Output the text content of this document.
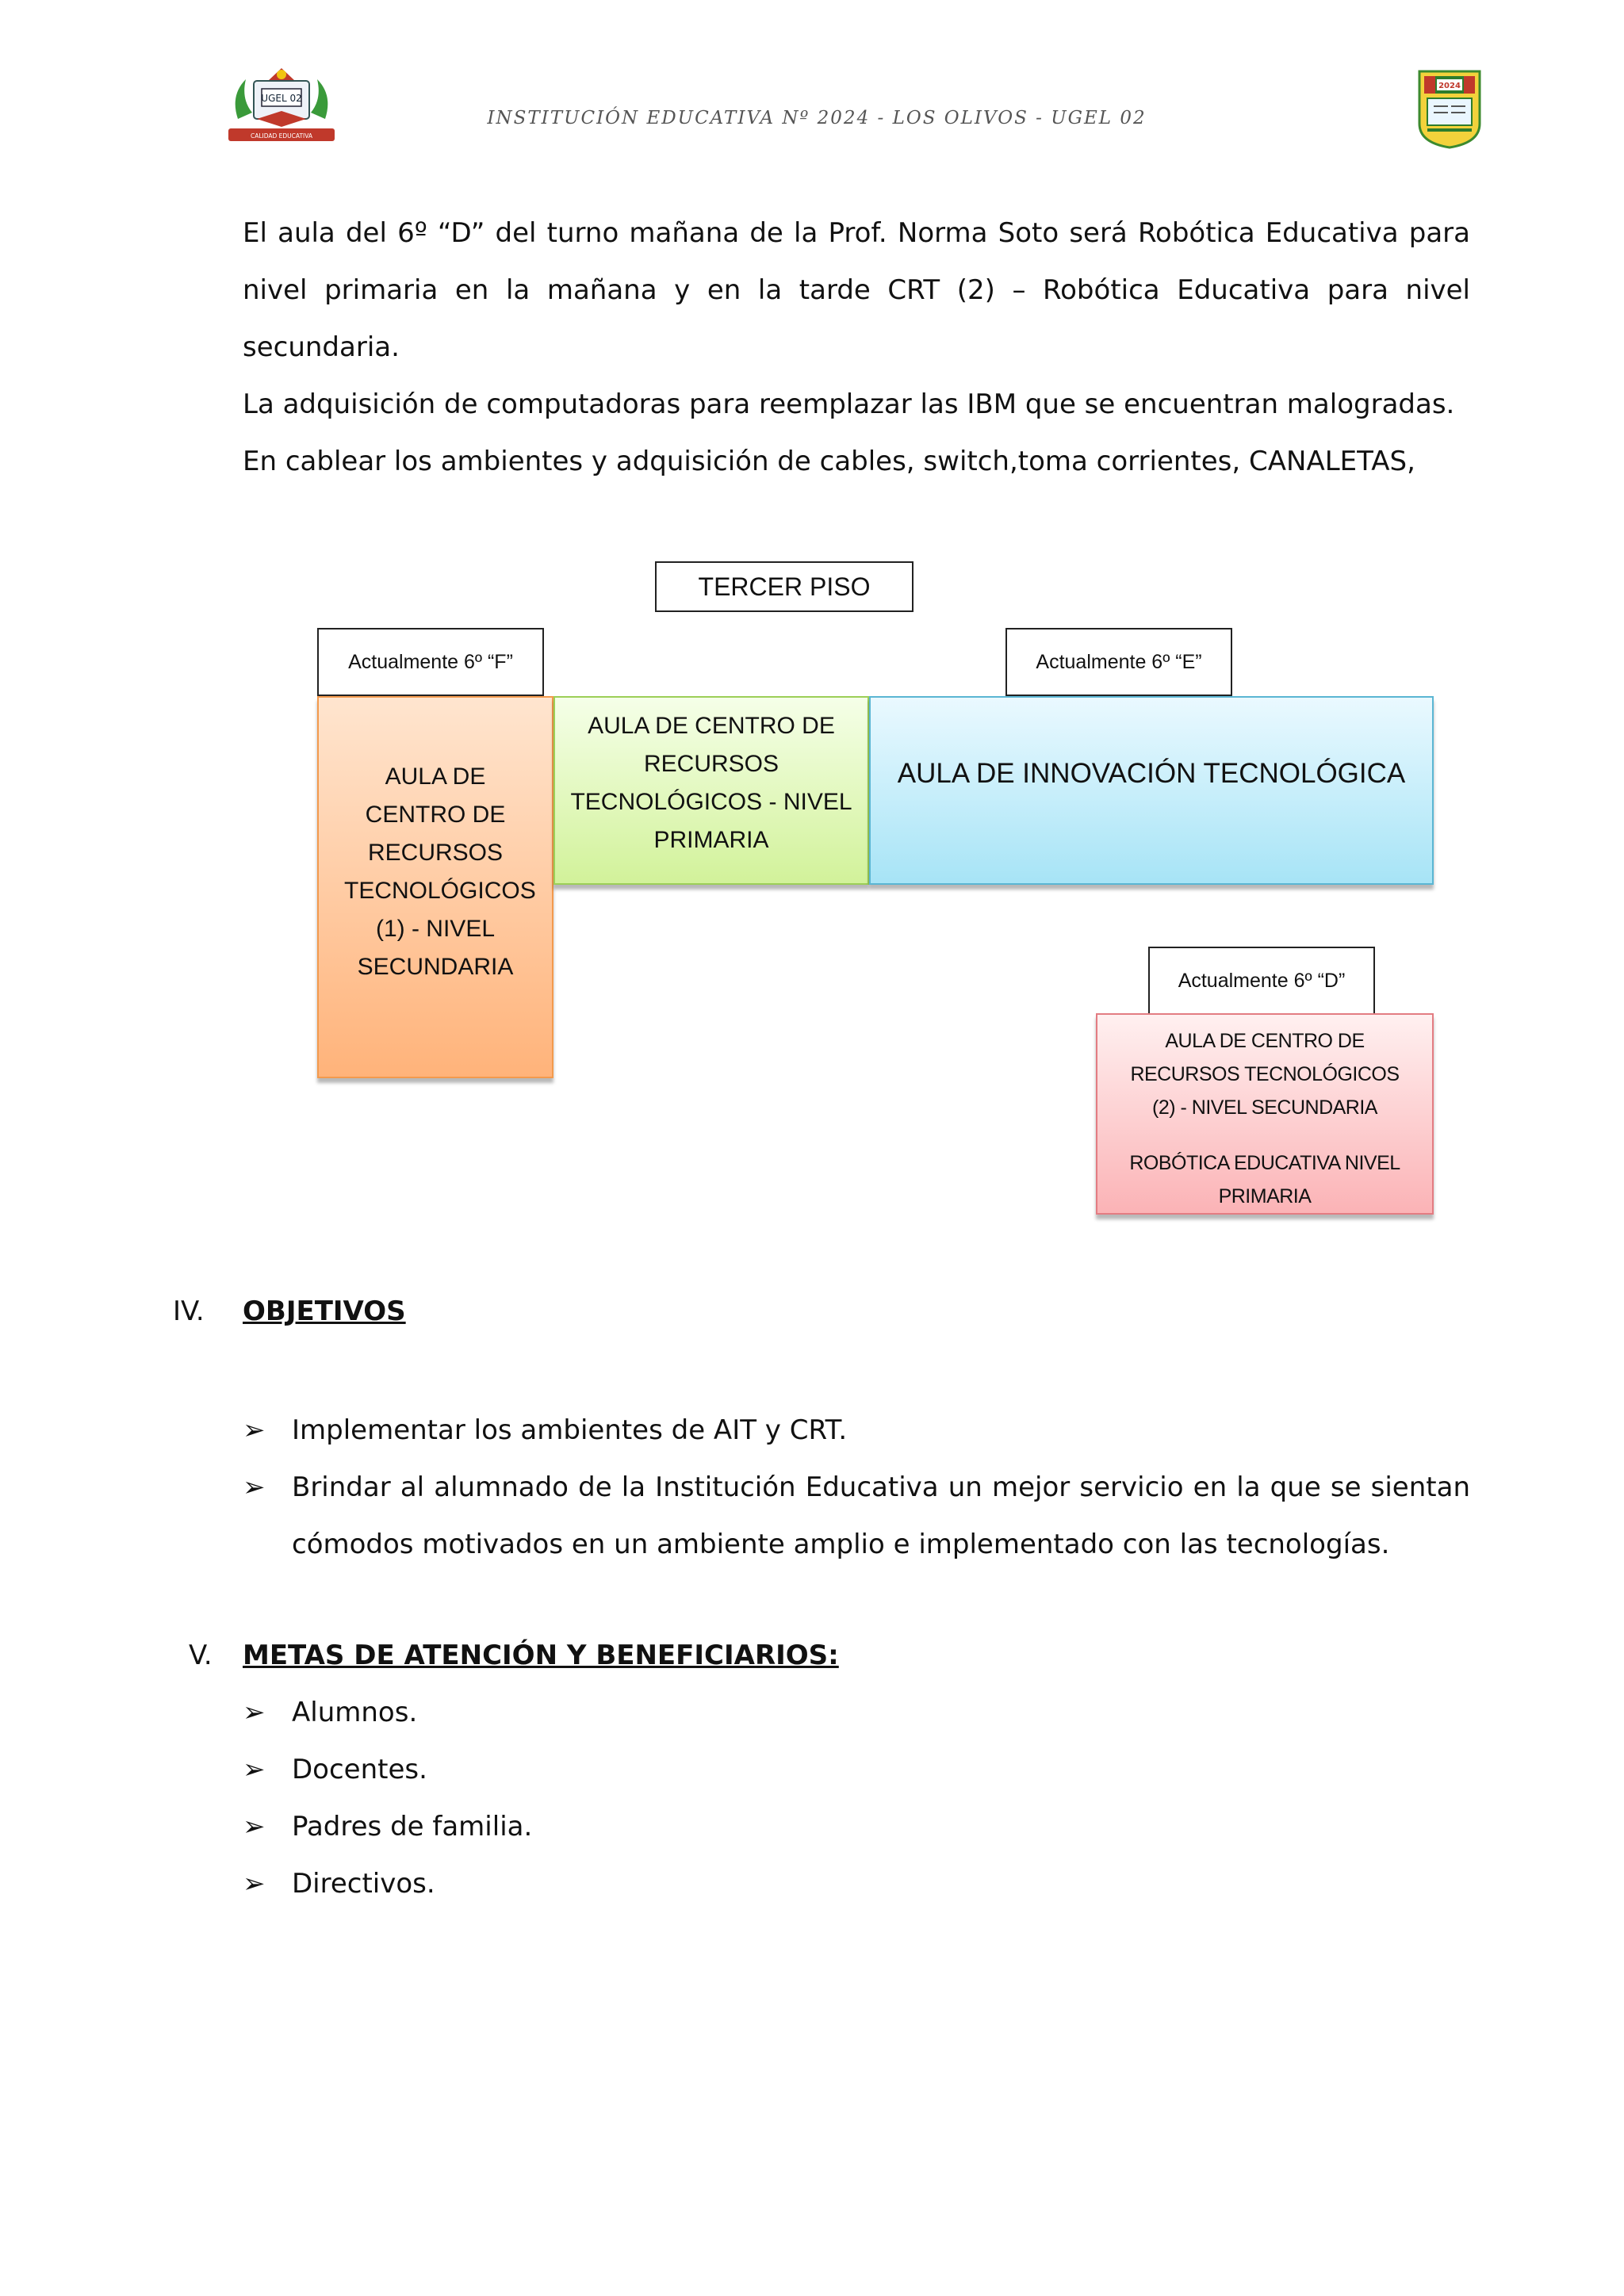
UGEL 02
CALIDAD EDUCATIVA
INSTITUCIÓN EDUCATIVA Nº 2024 - LOS OLIVOS - UGEL 02
2024

El aula del 6º “D” del turno mañana de la Prof. Norma Soto será Robótica Educativa para nivel primaria en la mañana y en la tarde CRT (2) – Robótica Educativa para nivel secundaria.

La adquisición de computadoras para reemplazar las IBM que se encuentran malogradas.

En cablear los ambientes y adquisición de cables, switch,toma corrientes, CANALETAS,

TERCER PISO
Actualmente 6º “F”	Actualmente 6º “E”
AULA DE CENTRO DE RECURSOS TECNOLÓGICOS (1) - NIVEL SECUNDARIA
AULA DE CENTRO DE RECURSOS TECNOLÓGICOS - NIVEL PRIMARIA
AULA DE INNOVACIÓN TECNOLÓGICA
Actualmente 6º “D”
AULA DE CENTRO DE RECURSOS TECNOLÓGICOS (2) - NIVEL SECUNDARIA
ROBÓTICA EDUCATIVA NIVEL PRIMARIA
IV. OBJETIVOS
➢ Implementar los ambientes de AIT y CRT.
➢ Brindar al alumnado de la Institución Educativa un mejor servicio en la que se sientan cómodos motivados en un ambiente amplio e implementado con las tecnologías.
V. METAS DE ATENCIÓN Y BENEFICIARIOS:
➢ Alumnos.
➢ Docentes.
➢ Padres de familia.
➢ Directivos.
